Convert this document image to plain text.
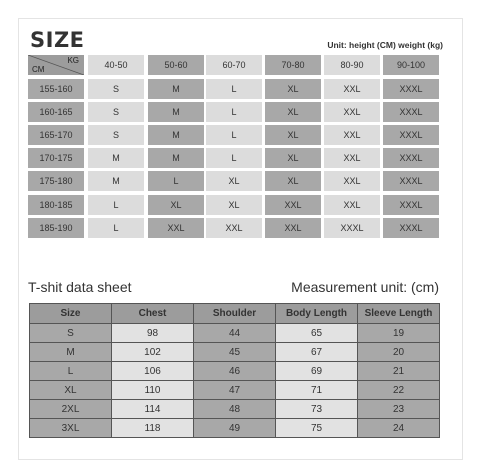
SIZE	Unit: height (CM) weight (kg)
KG
CM	40-50	50-60	60-70	70-80	80-90	90-100
155-160	S	M	L	XL	XXL	XXXL
160-165	S	M	L	XL	XXL	XXXL
165-170	S	M	L	XL	XXL	XXXL
170-175	M	M	L	XL	XXL	XXXL
175-180	M	L	XL	XL	XXL	XXXL
180-185	L	XL	XL	XXL	XXL	XXXL
185-190	L	XXL	XXL	XXL	XXXL	XXXL
T-shit data sheet	Measurement unit: (cm)
Size	Chest	Shoulder	Body Length	Sleeve Length
S	98	44	65	19
M	102	45	67	20
L	106	46	69	21
XL	110	47	71	22
2XL	114	48	73	23
3XL	118	49	75	24
